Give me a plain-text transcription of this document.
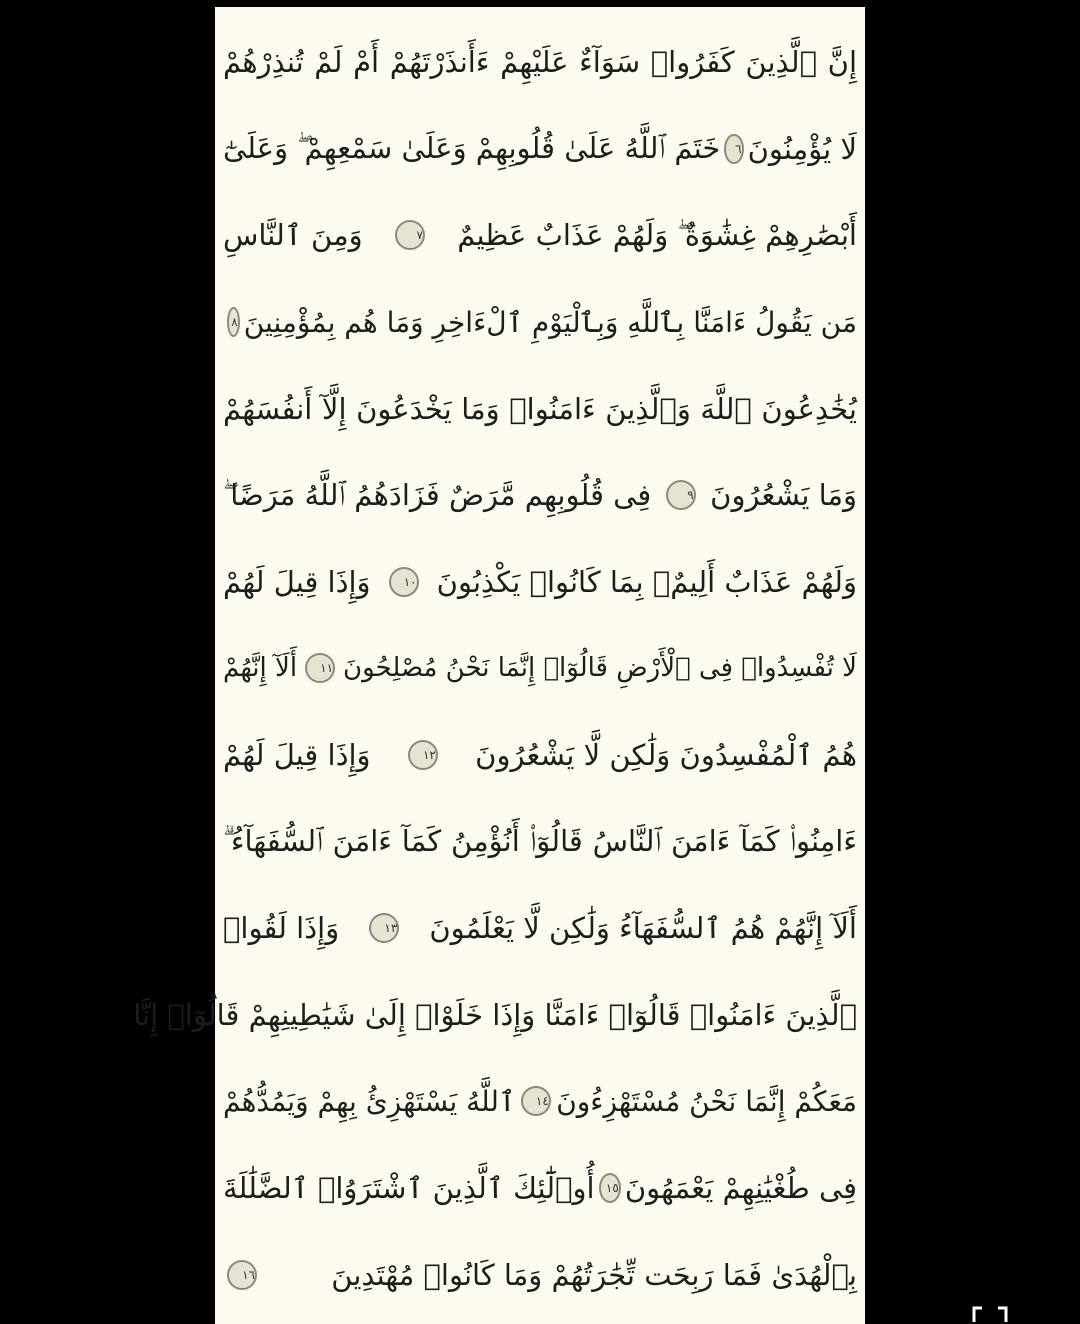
إِنَّ ٱلَّذِينَ كَفَرُوا۟ سَوَآءٌ عَلَيْهِمْ ءَأَنذَرْتَهُمْ أَمْ لَمْ تُنذِرْهُمْ
لَا يُؤْمِنُونَ
٦
خَتَمَ ٱللَّهُ عَلَىٰ قُلُوبِهِمْ وَعَلَىٰ سَمْعِهِمْ ۖ وَعَلَىٰٓ
أَبْصَٰرِهِمْ غِشَٰوَةٌ ۖ وَلَهُمْ عَذَابٌ عَظِيمٌ
٧
وَمِنَ ٱلنَّاسِ
مَن يَقُولُ ءَامَنَّا بِٱللَّهِ وَبِٱلْيَوْمِ ٱلْءَاخِرِ وَمَا هُم بِمُؤْمِنِينَ
٨
يُخَٰدِعُونَ ٱللَّهَ وَٱلَّذِينَ ءَامَنُوا۟ وَمَا يَخْدَعُونَ إِلَّآ أَنفُسَهُمْ
وَمَا يَشْعُرُونَ
٩
فِى قُلُوبِهِم مَّرَضٌ فَزَادَهُمُ ٱللَّهُ مَرَضًا ۖ
وَلَهُمْ عَذَابٌ أَلِيمٌۢ بِمَا كَانُوا۟ يَكْذِبُونَ
١٠
وَإِذَا قِيلَ لَهُمْ
لَا تُفْسِدُوا۟ فِى ٱلْأَرْضِ قَالُوٓا۟ إِنَّمَا نَحْنُ مُصْلِحُونَ
١١
أَلَآ إِنَّهُمْ
هُمُ ٱلْمُفْسِدُونَ وَلَٰكِن لَّا يَشْعُرُونَ
١٢
وَإِذَا قِيلَ لَهُمْ
ءَامِنُوا۟ كَمَآ ءَامَنَ ٱلنَّاسُ قَالُوٓا۟ أَنُؤْمِنُ كَمَآ ءَامَنَ ٱلسُّفَهَآءُ ۗ
أَلَآ إِنَّهُمْ هُمُ ٱلسُّفَهَآءُ وَلَٰكِن لَّا يَعْلَمُونَ
١٣
وَإِذَا لَقُوا۟
ٱلَّذِينَ ءَامَنُوا۟ قَالُوٓا۟ ءَامَنَّا وَإِذَا خَلَوْا۟ إِلَىٰ شَيَٰطِينِهِمْ قَالُوٓا۟ إِنَّا
مَعَكُمْ إِنَّمَا نَحْنُ مُسْتَهْزِءُونَ
١٤
ٱللَّهُ يَسْتَهْزِئُ بِهِمْ وَيَمُدُّهُمْ
فِى طُغْيَٰنِهِمْ يَعْمَهُونَ
١٥
أُو۟لَٰٓئِكَ ٱلَّذِينَ ٱشْتَرَوُا۟ ٱلضَّلَٰلَةَ
بِٱلْهُدَىٰ فَمَا رَبِحَت تِّجَٰرَتُهُمْ وَمَا كَانُوا۟ مُهْتَدِينَ
١٦
